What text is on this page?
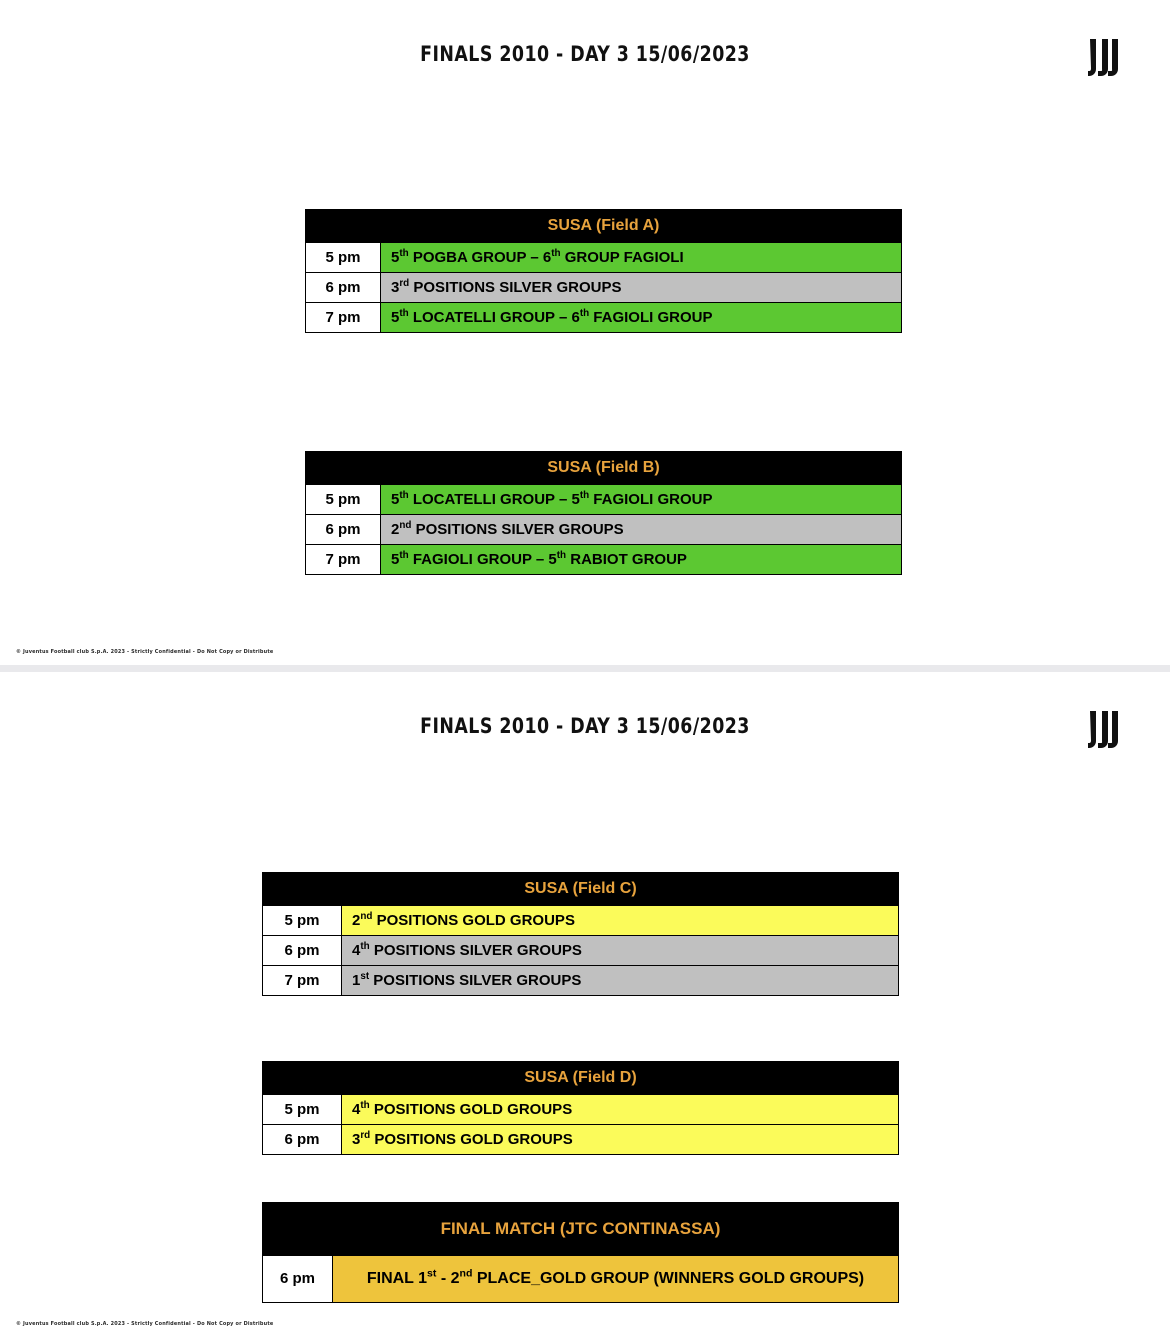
FINALS 2010 - DAY 3 15/06/2023
SUSA (Field A)	
5 pm	5th POGBA GROUP – 6th GROUP FAGIOLI
6 pm	3rd POSITIONS SILVER GROUPS
7 pm	5th LOCATELLI GROUP – 6th FAGIOLI GROUP
SUSA (Field B)	
5 pm	5th LOCATELLI GROUP – 5th FAGIOLI GROUP
6 pm	2nd POSITIONS SILVER GROUPS
7 pm	5th FAGIOLI GROUP – 5th RABIOT GROUP
© Juventus Football club S.p.A. 2023 - Strictly Confidential - Do Not Copy or Distribute
FINALS 2010 - DAY 3 15/06/2023
SUSA (Field C)	
5 pm	2nd POSITIONS GOLD GROUPS
6 pm	4th POSITIONS SILVER GROUPS
7 pm	1st POSITIONS SILVER GROUPS
SUSA (Field D)	
5 pm	4th POSITIONS GOLD GROUPS
6 pm	3rd POSITIONS GOLD GROUPS
FINAL MATCH (JTC CONTINASSA)
6 pm	FINAL 1st - 2nd PLACE_GOLD GROUP (WINNERS GOLD GROUPS)
© Juventus Football club S.p.A. 2023 - Strictly Confidential - Do Not Copy or Distribute
